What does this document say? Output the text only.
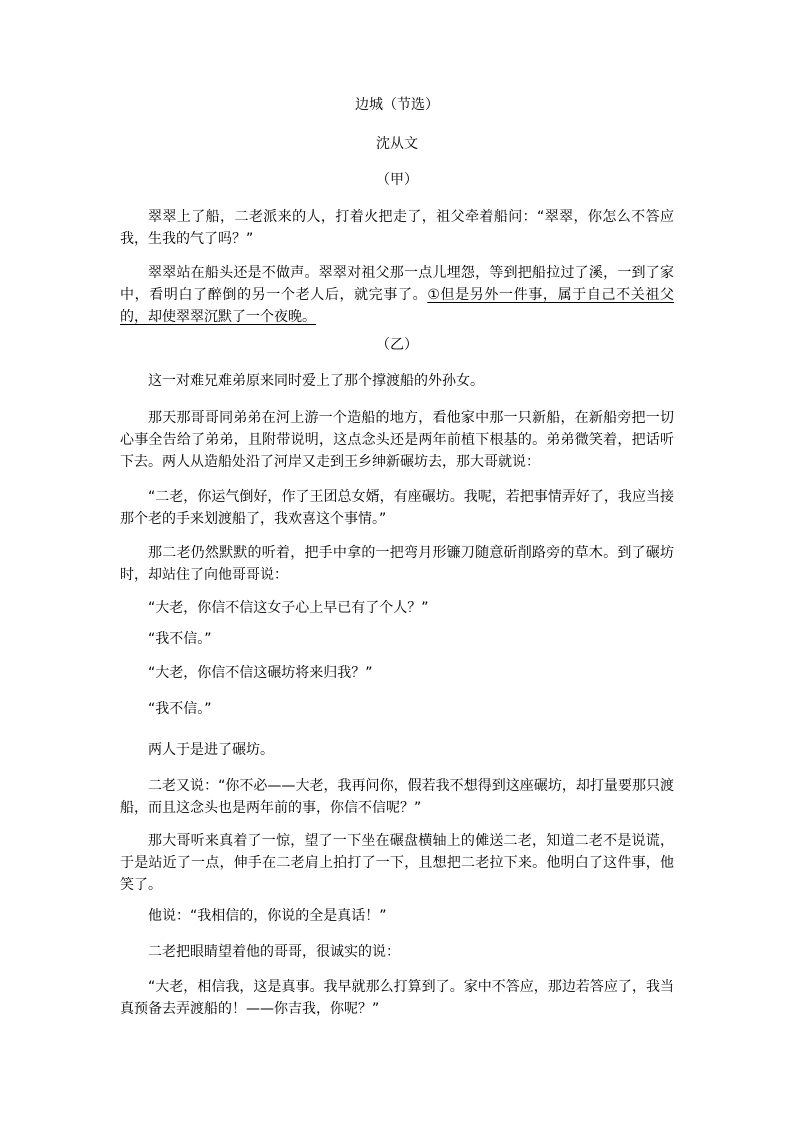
边城（节选）
沈从文
（甲）

翠翠上了船，二老派来的人，打着火把走了，祖父牵着船问：“翠翠，你怎么不答应我，生我的气了吗？”

翠翠站在船头还是不做声。翠翠对祖父那一点儿埋怨，等到把船拉过了溪，一到了家中，看明白了醉倒的另一个老人后，就完事了。①但是另外一件事，属于自己不关祖父的，却使翠翠沉默了一个夜晚。

（乙）

这一对难兄难弟原来同时爱上了那个撑渡船的外孙女。

那天那哥哥同弟弟在河上游一个造船的地方，看他家中那一只新船，在新船旁把一切心事全告给了弟弟，且附带说明，这点念头还是两年前植下根基的。弟弟微笑着，把话听下去。两人从造船处沿了河岸又走到王乡绅新碾坊去，那大哥就说：

“二老，你运气倒好，作了王团总女婿，有座碾坊。我呢，若把事情弄好了，我应当接那个老的手来划渡船了，我欢喜这个事情。”

那二老仍然默默的听着，把手中拿的一把弯月形镰刀随意斫削路旁的草木。到了碾坊时，却站住了向他哥哥说：

“大老，你信不信这女子心上早已有了个人？”

“我不信。”

“大老，你信不信这碾坊将来归我？”

“我不信。”

两人于是进了碾坊。

二老又说：“你不必——大老，我再问你，假若我不想得到这座碾坊，却打量要那只渡船，而且这念头也是两年前的事，你信不信呢？”

那大哥听来真着了一惊，望了一下坐在碾盘横轴上的傩送二老，知道二老不是说谎，于是站近了一点，伸手在二老肩上拍打了一下，且想把二老拉下来。他明白了这件事，他笑了。

他说：“我相信的，你说的全是真话！”

二老把眼睛望着他的哥哥，很诚实的说：

“大老，相信我，这是真事。我早就那么打算到了。家中不答应，那边若答应了，我当真预备去弄渡船的！——你吉我，你呢？”
